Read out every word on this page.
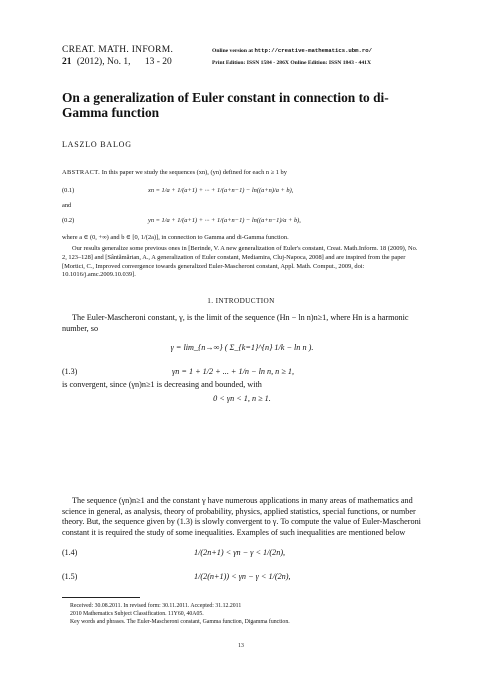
CREAT. MATH. INFORM.
21 (2012), No. 1, 13 - 20
Online version at http://creative-mathematics.ubm.ro/
Print Edition: ISSN 1584 - 286X Online Edition: ISSN 1843 - 441X
On a generalization of Euler constant in connection to di-Gamma function
LASZLO BALOG
ABSTRACT. In this paper we study the sequences (xn), (yn) defined for each n ≥ 1 by
(0.1)	xn = 1/a + 1/(a+1) + ··· + 1/(a+n−1) − ln((a+n)/a + b),
and
(0.2)	yn = 1/a + 1/(a+1) + ··· + 1/(a+n−1) − ln((a+n−1)/a + b),
where a ∈ (0, +∞) and b ∈ [0, 1/(2a)], in connection to Gamma and di-Gamma function.
Our results generalize some previous ones in [Berinde, V. A new generalization of Euler's constant, Creat. Math.Inform. 18 (2009), No. 2, 123–128] and [Sântămărian, A., A generalization of Euler constant, Mediamira, Cluj-Napoca, 2008] and are inspired from the paper [Mortici, C., Improved convergence towards generalized Euler-Mascheroni constant, Appl. Math. Comput., 2009, doi: 10.1016/j.amc.2009.10.039].
1. INTRODUCTION
The Euler-Mascheroni constant, γ, is the limit of the sequence (Hn − ln n)n≥1, where Hn is a harmonic number, so
γ = lim_{n→∞} ( Σ_{k=1}^{n} 1/k − ln n ).
(1.3)	γn = 1 + 1/2 + ... + 1/n − ln n, n ≥ 1,
is convergent, since (γn)n≥1 is decreasing and bounded, with
0 < γn < 1, n ≥ 1.
The sequence (γn)n≥1 and the constant γ have numerous applications in many areas of mathematics and science in general, as analysis, theory of probability, physics, applied statistics, special functions, or number theory. But, the sequence given by (1.3) is slowly convergent to γ. To compute the value of Euler-Mascheroni constant it is required the study of some inequalities. Examples of such inequalities are mentioned below
(1.4)	1/(2n+1) < γn − γ < 1/(2n),
(1.5)	1/(2(n+1)) < γn − γ < 1/(2n),
Received: 30.08.2011. In revised form: 30.11.2011. Accepted: 31.12.2011
2010 Mathematics Subject Classification. 11Y60, 40A05.
Key words and phrases. The Euler-Mascheroni constant, Gamma function, Digamma function.
13
